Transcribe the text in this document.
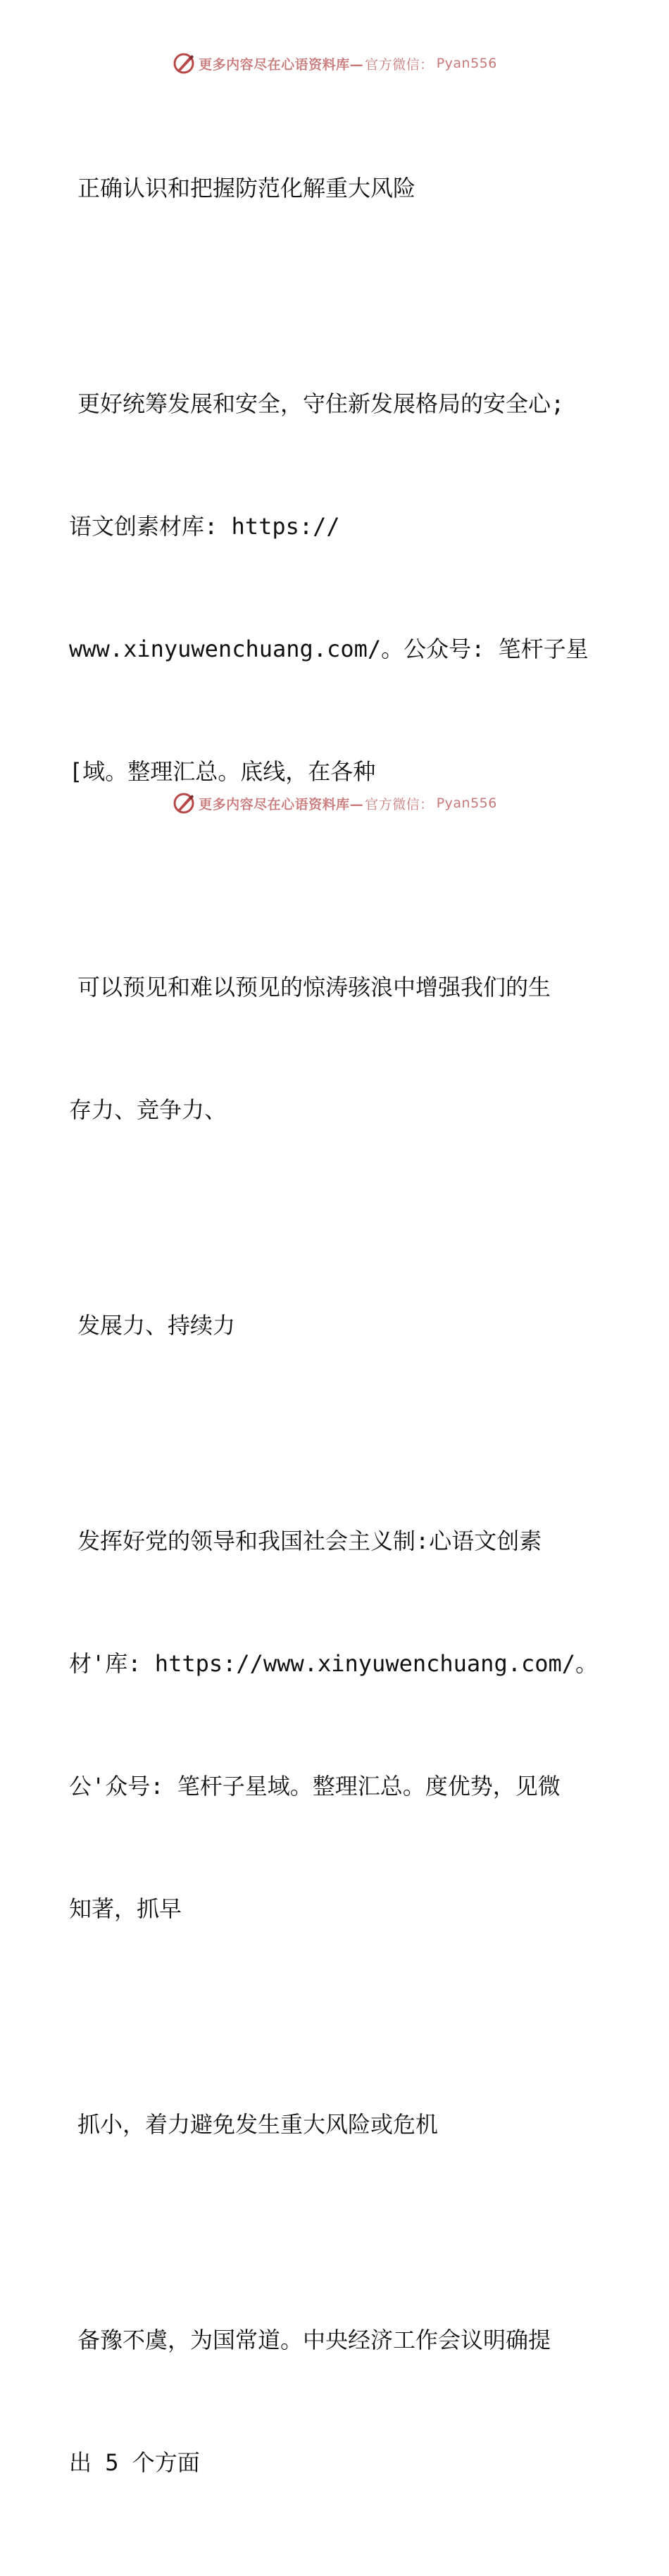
更多内容尽在心语资料库— 官方微信： Pyan556

正确认识和把握防范化解重大风险

更好统筹发展和安全，守住新发展格局的安全心;

语文创素材库: https://

www.xinyuwenchuang.com/。公众号: 笔杆子星

[域。整理汇总。底线，在各种

可以预见和难以预见的惊涛骇浪中增强我们的生

存力、竞争力、

发展力、持续力

发挥好党的领导和我国社会主义制:心语文创素

材'库: https://www.xinyuwenchuang.com/。

公'众号: 笔杆子星域。整理汇总。度优势，见微

知著，抓早

抓小，着力避免发生重大风险或危机

备豫不虞，为国常道。中央经济工作会议明确提

出 5 个方面

更多内容尽在心语资料库— 官方微信： Pyan556
